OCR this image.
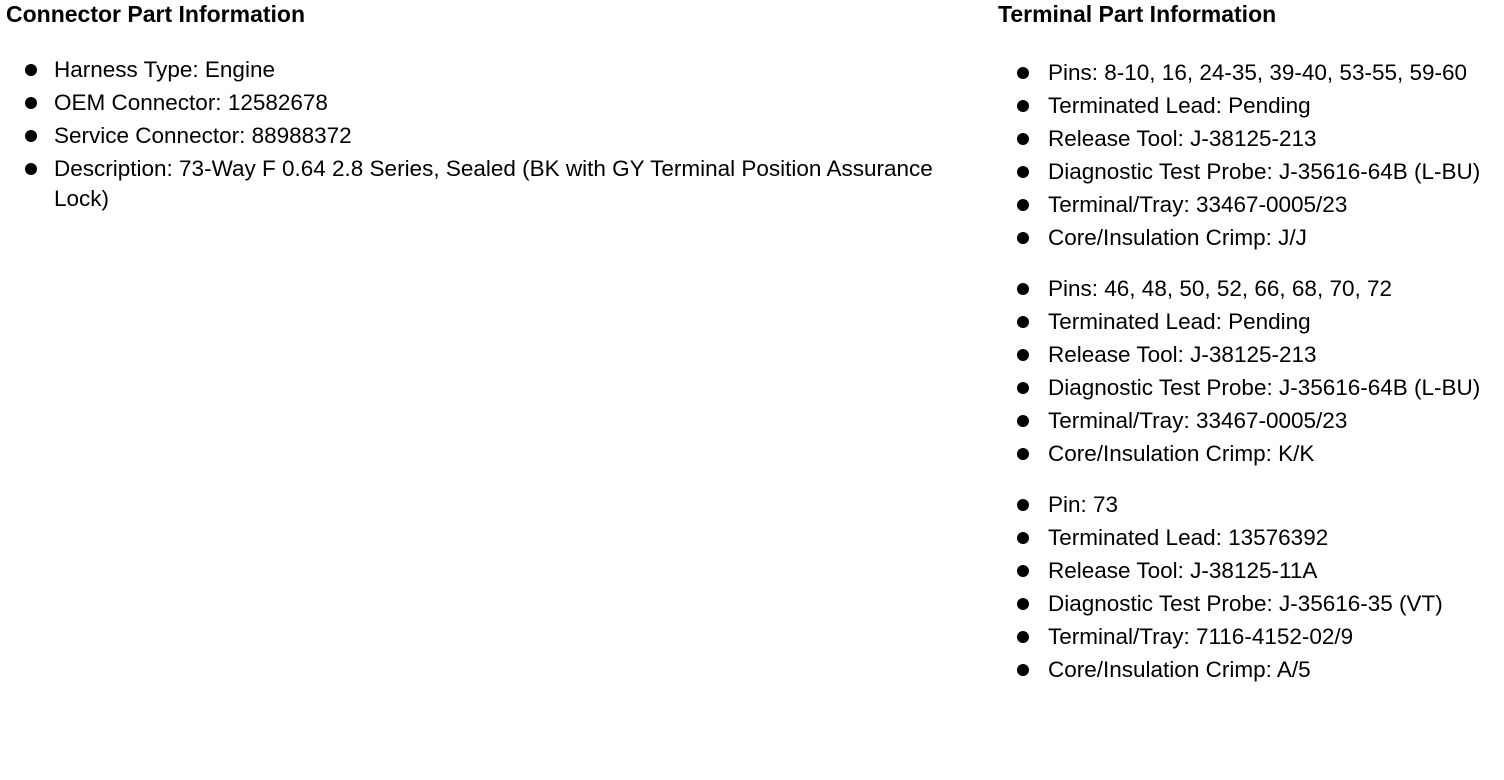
Connector Part Information
Harness Type: Engine
OEM Connector: 12582678
Service Connector: 88988372
Description: 73-Way F 0.64 2.8 Series, Sealed (BK with GY Terminal Position Assurance Lock)
Terminal Part Information
Pins: 8-10, 16, 24-35, 39-40, 53-55, 59-60
Terminated Lead: Pending
Release Tool: J-38125-213
Diagnostic Test Probe: J-35616-64B (L-BU)
Terminal/Tray: 33467-0005/23
Core/Insulation Crimp: J/J
Pins: 46, 48, 50, 52, 66, 68, 70, 72
Terminated Lead: Pending
Release Tool: J-38125-213
Diagnostic Test Probe: J-35616-64B (L-BU)
Terminal/Tray: 33467-0005/23
Core/Insulation Crimp: K/K
Pin: 73
Terminated Lead: 13576392
Release Tool: J-38125-11A
Diagnostic Test Probe: J-35616-35 (VT)
Terminal/Tray: 7116-4152-02/9
Core/Insulation Crimp: A/5
